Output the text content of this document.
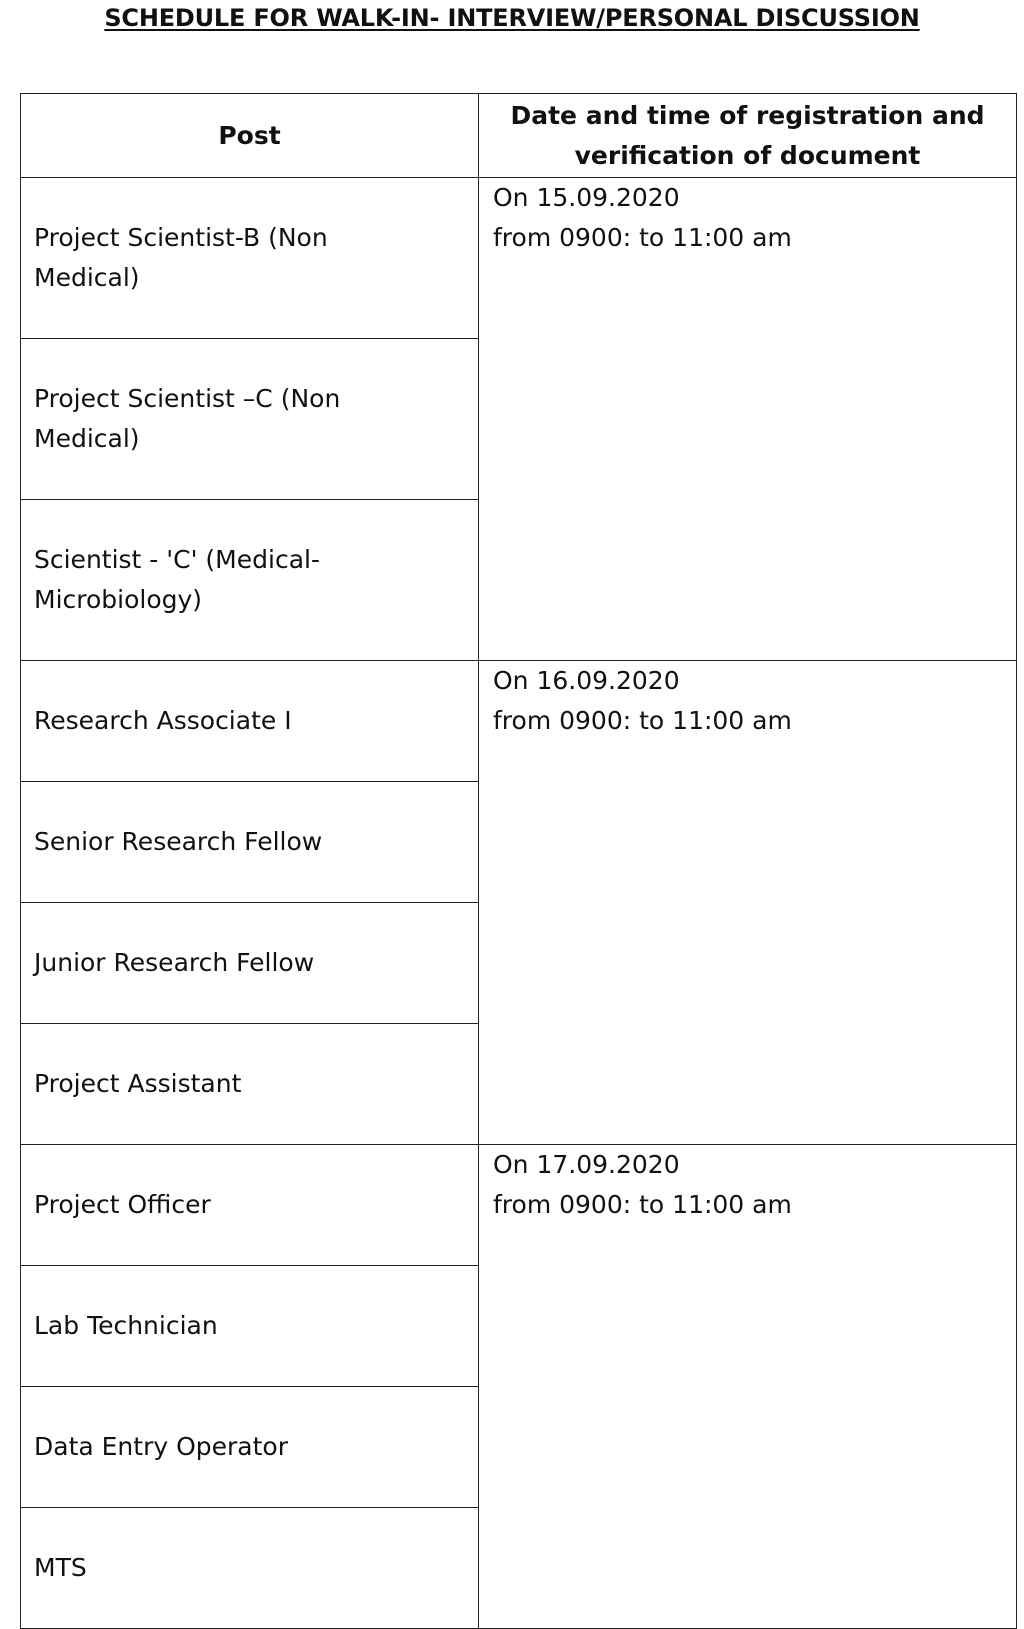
SCHEDULE FOR WALK-IN- INTERVIEW/PERSONAL DISCUSSION
Post	Date and time of registration and verification of document

Project Scientist-B (Non Medical)	On 15.09.2020
from 0900: to 11:00 am

Project Scientist –C (Non Medical)	

Scientist - 'C' (Medical- Microbiology)	

Research Associate I	On 16.09.2020
from 0900: to 11:00 am

Senior Research Fellow	

Junior Research Fellow	

Project Assistant	

Project Officer	On 17.09.2020
from 0900: to 11:00 am

Lab Technician	

Data Entry Operator	

MTS	
